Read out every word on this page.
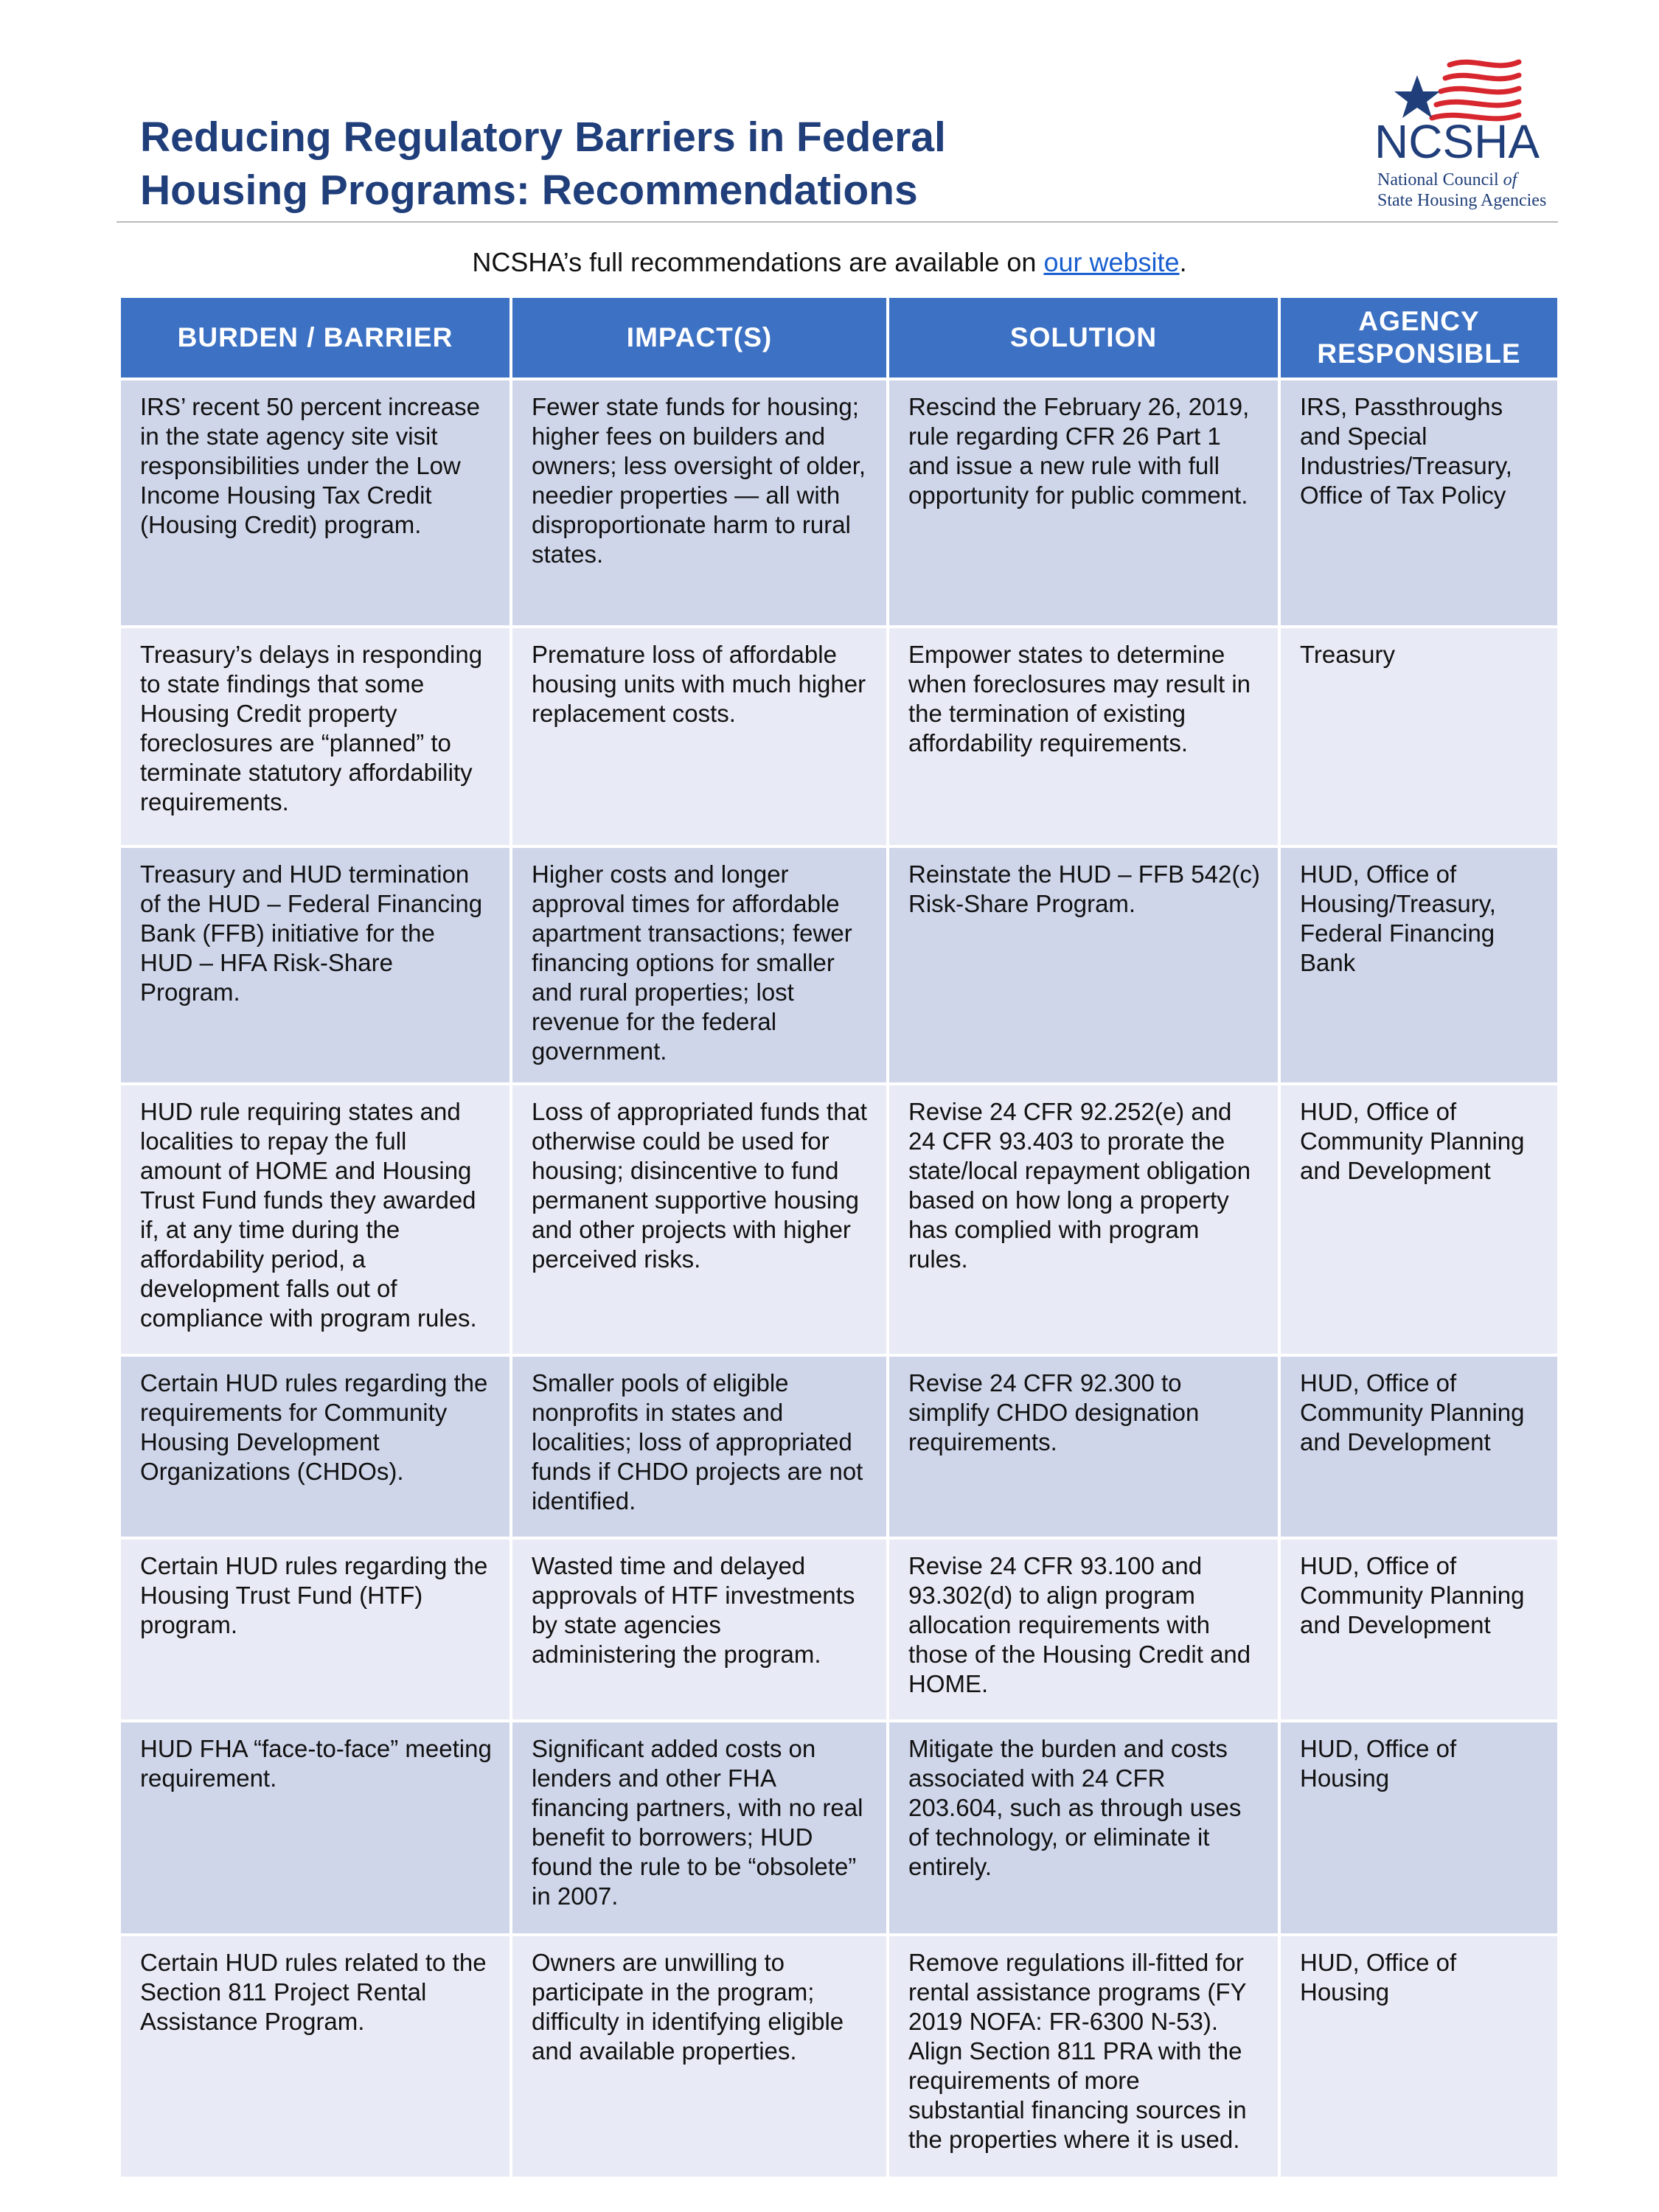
Reducing Regulatory Barriers in Federal
Housing Programs: Recommendations
NCSHA
National Council of
State Housing Agencies
NCSHA’s full recommendations are available on our website.
BURDEN / BARRIER	IMPACT(S)	SOLUTION	AGENCY
RESPONSIBLE
IRS’ recent 50 percent increase in the state agency site visit responsibilities under the Low Income Housing Tax Credit (Housing Credit) program.	Fewer state funds for housing; higher fees on builders and owners; less oversight of older, needier properties — all with disproportionate harm to rural states.	Rescind the February 26, 2019, rule regarding CFR 26 Part 1 and issue a new rule with full opportunity for public comment.	IRS, Passthroughs and Special Industries/Treasury, Office of Tax Policy
Treasury’s delays in responding to state findings that some Housing Credit property foreclosures are “planned” to terminate statutory affordability requirements.	Premature loss of affordable housing units with much higher replacement costs.	Empower states to determine when foreclosures may result in the termination of existing affordability requirements.	Treasury
Treasury and HUD termination of the HUD – Federal Financing Bank (FFB) initiative for the HUD – HFA Risk-Share Program.	Higher costs and longer approval times for affordable apartment transactions; fewer financing options for smaller and rural properties; lost revenue for the federal government.	Reinstate the HUD – FFB 542(c) Risk-Share Program.	HUD, Office of Housing/Treasury, Federal Financing Bank
HUD rule requiring states and localities to repay the full amount of HOME and Housing Trust Fund funds they awarded if, at any time during the affordability period, a development falls out of compliance with program rules.	Loss of appropriated funds that otherwise could be used for housing; disincentive to fund permanent supportive housing and other projects with higher perceived risks.	Revise 24 CFR 92.252(e) and 24 CFR 93.403 to prorate the state/local repayment obligation based on how long a property has complied with program rules.	HUD, Office of Community Planning and Development
Certain HUD rules regarding the requirements for Community Housing Development Organizations (CHDOs).	Smaller pools of eligible nonprofits in states and localities; loss of appropriated funds if CHDO projects are not identified.	Revise 24 CFR 92.300 to simplify CHDO designation requirements.	HUD, Office of Community Planning and Development
Certain HUD rules regarding the Housing Trust Fund (HTF) program.	Wasted time and delayed approvals of HTF investments by state agencies administering the program.	Revise 24 CFR 93.100 and 93.302(d) to align program allocation requirements with those of the Housing Credit and HOME.	HUD, Office of Community Planning and Development
HUD FHA “face-to-face” meeting requirement.	Significant added costs on lenders and other FHA financing partners, with no real benefit to borrowers; HUD found the rule to be “obsolete” in 2007.	Mitigate the burden and costs associated with 24 CFR 203.604, such as through uses of technology, or eliminate it entirely.	HUD, Office of Housing
Certain HUD rules related to the Section 811 Project Rental Assistance Program.	Owners are unwilling to participate in the program; difficulty in identifying eligible and available properties.	Remove regulations ill-fitted for rental assistance programs (FY 2019 NOFA: FR-6300 N-53). Align Section 811 PRA with the requirements of more substantial financing sources in the properties where it is used.	HUD, Office of Housing
